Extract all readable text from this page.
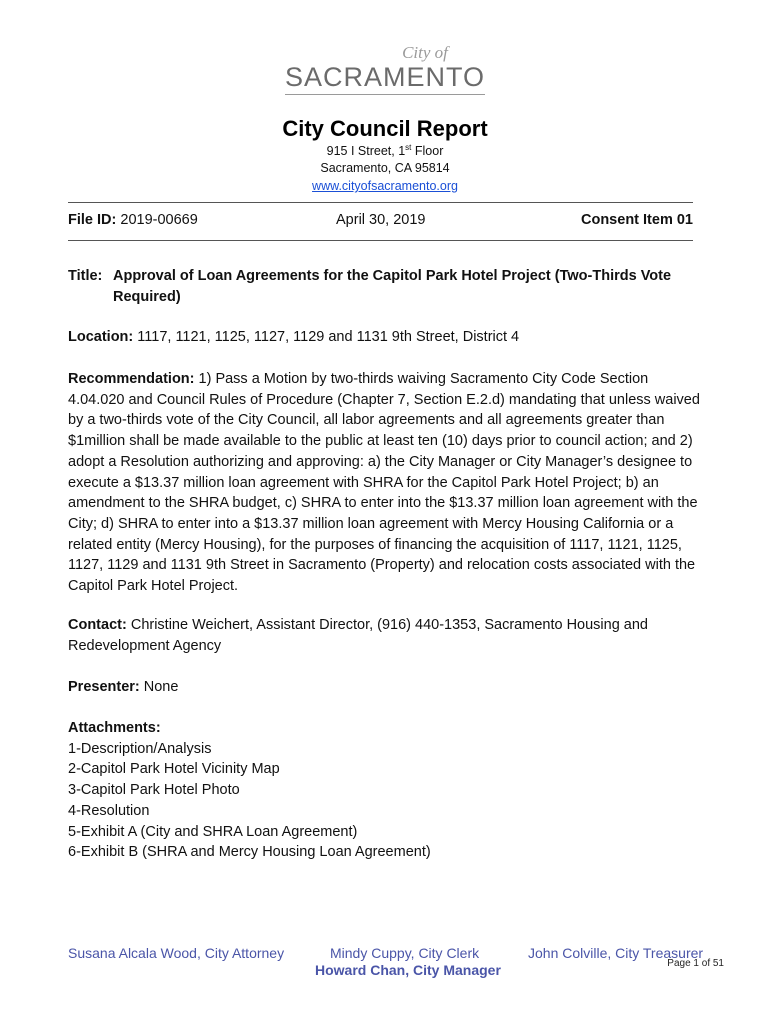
City of
SACRAMENTO
City Council Report
915 I Street, 1st Floor
Sacramento, CA 95814
www.cityofsacramento.org
File ID: 2019-00669	April 30, 2019	Consent Item 01
Title: Approval of Loan Agreements for the Capitol Park Hotel Project (Two-Thirds Vote Required)
Location: 1117, 1121, 1125, 1127, 1129 and 1131 9th Street, District 4
Recommendation: 1) Pass a Motion by two-thirds waiving Sacramento City Code Section 4.04.020 and Council Rules of Procedure (Chapter 7, Section E.2.d) mandating that unless waived by a two-thirds vote of the City Council, all labor agreements and all agreements greater than $1million shall be made available to the public at least ten (10) days prior to council action; and 2) adopt a Resolution authorizing and approving: a) the City Manager or City Manager’s designee to execute a $13.37 million loan agreement with SHRA for the Capitol Park Hotel Project; b) an amendment to the SHRA budget, c) SHRA to enter into the $13.37 million loan agreement with the City; d) SHRA to enter into a $13.37 million loan agreement with Mercy Housing California or a related entity (Mercy Housing), for the purposes of financing the acquisition of 1117, 1121, 1125, 1127, 1129 and 1131 9th Street in Sacramento (Property) and relocation costs associated with the Capitol Park Hotel Project.
Contact: Christine Weichert, Assistant Director, (916) 440-1353, Sacramento Housing and Redevelopment Agency
Presenter: None
Attachments:
1-Description/Analysis
2-Capitol Park Hotel Vicinity Map
3-Capitol Park Hotel Photo
4-Resolution
5-Exhibit A (City and SHRA Loan Agreement)
6-Exhibit B (SHRA and Mercy Housing Loan Agreement)
Susana Alcala Wood, City Attorney	Mindy Cuppy, City Clerk	John Colville, City Treasurer
Howard Chan, City Manager	Page 1 of 51
